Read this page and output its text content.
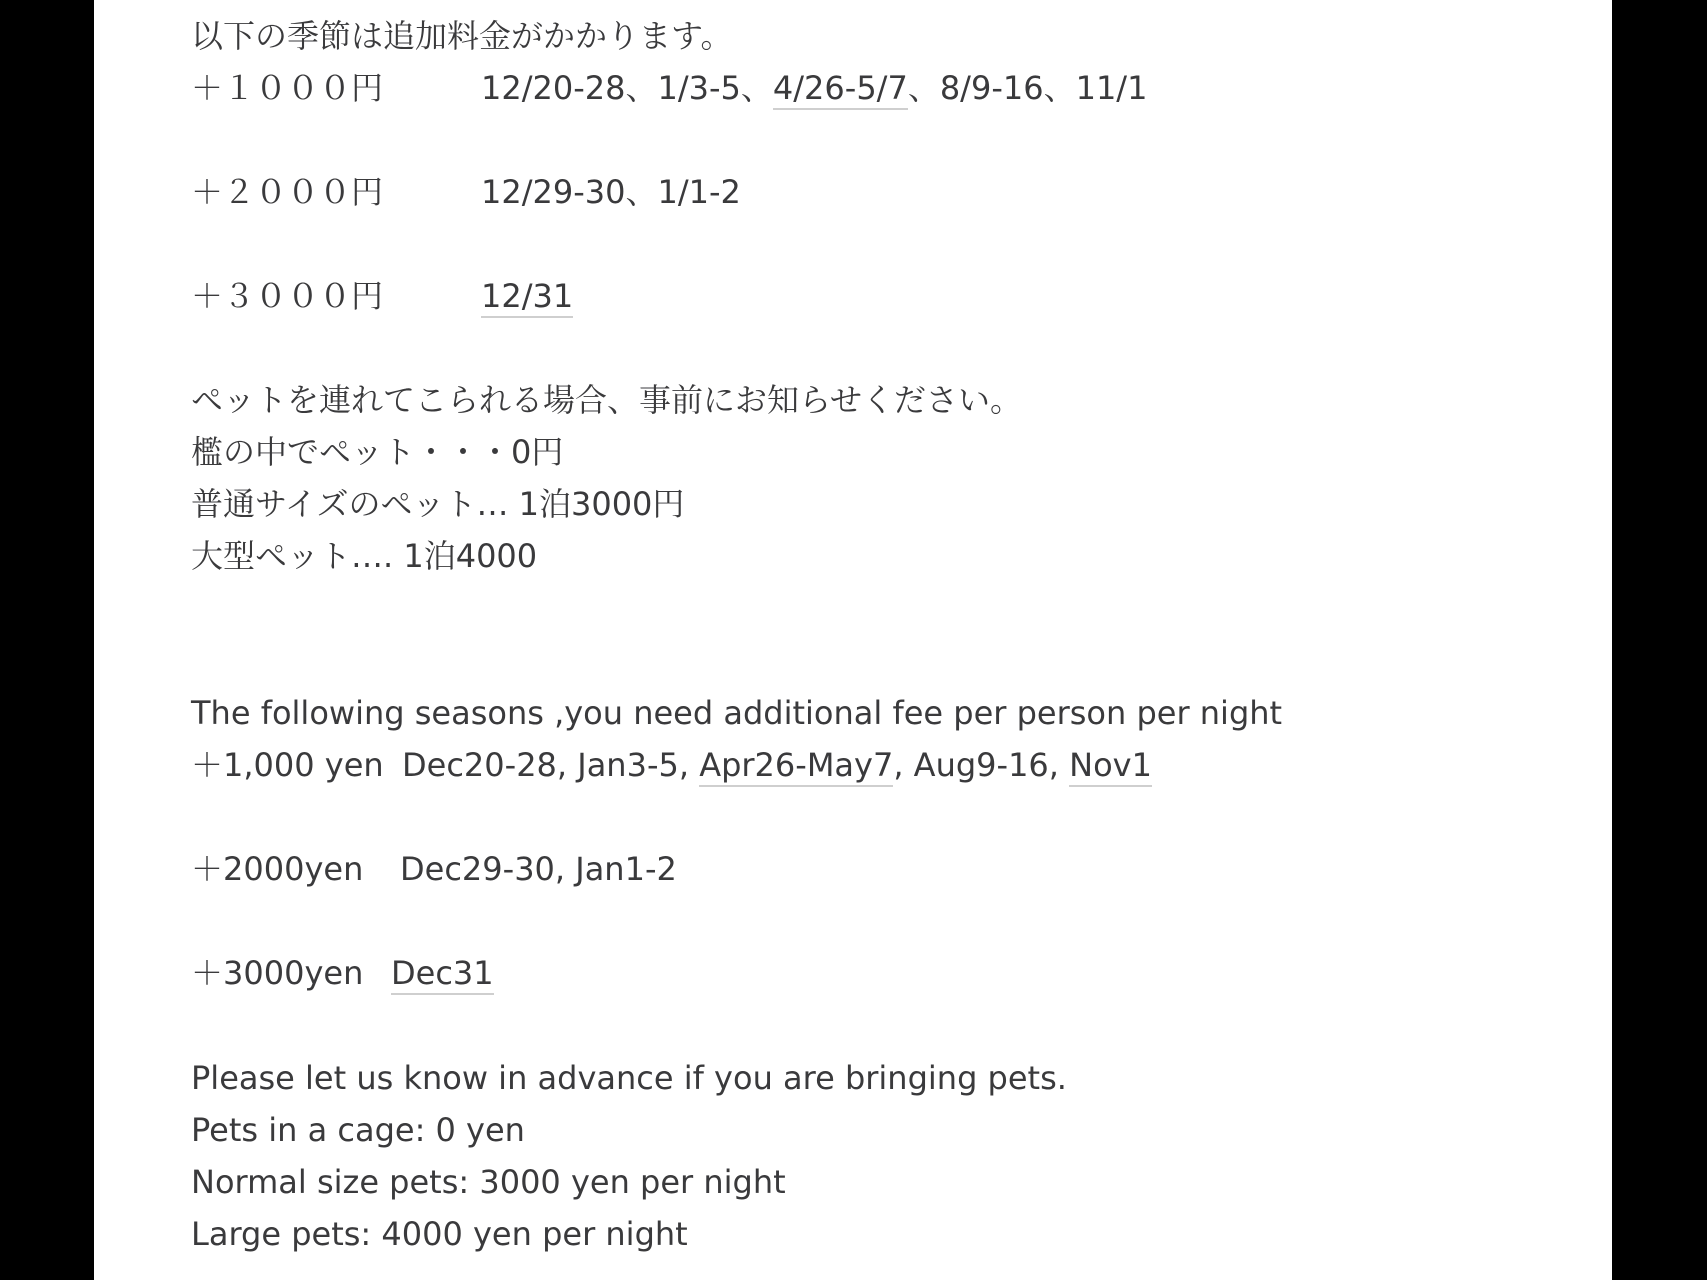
以下の季節は追加料金がかかります。
＋１０００円	12/20-28、1/3-5、4/26-5/7、8/9-16、11/1
＋２０００円	12/29-30、1/1-2
＋３０００円	12/31
ペットを連れてこられる場合、事前にお知らせください。
檻の中でペット・・・0円
普通サイズのペット… 1泊3000円
大型ペット…. 1泊4000
The following seasons ,you need additional fee per person per night
＋1,000 yen Dec20-28, Jan3-5, Apr26-May7, Aug9-16, Nov1
＋2000yen Dec29-30, Jan1-2
＋3000yen Dec31
Please let us know in advance if you are bringing pets.
Pets in a cage: 0 yen
Normal size pets: 3000 yen per night
Large pets: 4000 yen per night
